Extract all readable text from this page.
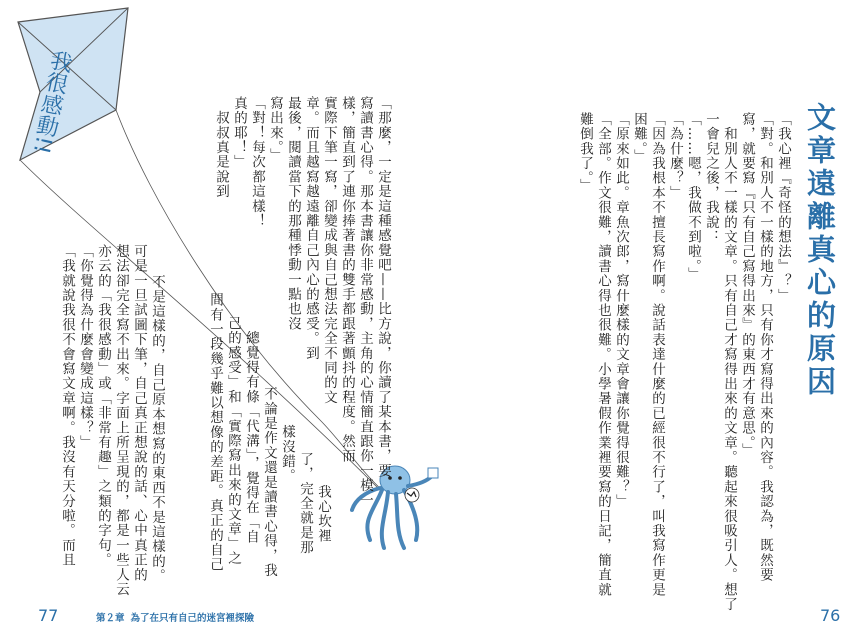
我很感動!!
文章遠離真心的原因
「我心裡『奇怪的想法』？」
「對。和別人不一樣的地方，只有你才寫得出來的內容。我認為，既然要
寫，就要寫『只有自己寫得出來』的東西才有意思。」
　和別人不一樣的文章。只有自己才寫得出來的文章。聽起來很吸引人。想了
一會兒之後，我說：
「……嗯，我做不到啦。」
「為什麼？」
「因為我根本不擅長寫作啊。說話表達什麼的已經很不行了，叫我寫作更是
困難。」
「原來如此。章魚次郎，寫什麼樣的文章會讓你覺得很難？」
「全部。作文很難，讀書心得也很難。小學暑假作業裡要寫的日記，簡直就
難倒我了。」
「那麼，一定是這種感覺吧——比方說，你讀了某本書，要
寫讀書心得。那本書讓你非常感動，主角的心情簡直跟你一模一
樣，簡直到了連你捧著書的雙手都跟著顫抖的程度。然而
實際下筆一寫，卻變成與自己想法完全不同的文
章。而且越寫越遠離自己內心的感受。到
最後，閱讀當下的那種悸動一點也沒
寫出來。」
「對！每次都這樣！
真的耶！」
　叔叔真是說到
　我心坎裡
了，完全就是那
　樣沒錯。
　不論是作文還是讀書心得，我
　總覺得有條「代溝」，覺得在「自
己的感受」和「實際寫出來的文章」之
　間有一段幾乎難以想像的差距。真正的自己
　不是這樣的，自己原本想寫的東西不是這樣的。
可是一旦試圖下筆，自己真正想說的話、心中真正的
想法卻完全寫不出來。字面上所呈現的，都是一些人云
亦云的「我很感動」或「非常有趣」之類的字句。
「你覺得為什麼會變成這樣？」
「我就說我很不會寫文章啊。我沒有天分啦。而且
77	第２章 為了在只有自己的迷宮裡探險	76
